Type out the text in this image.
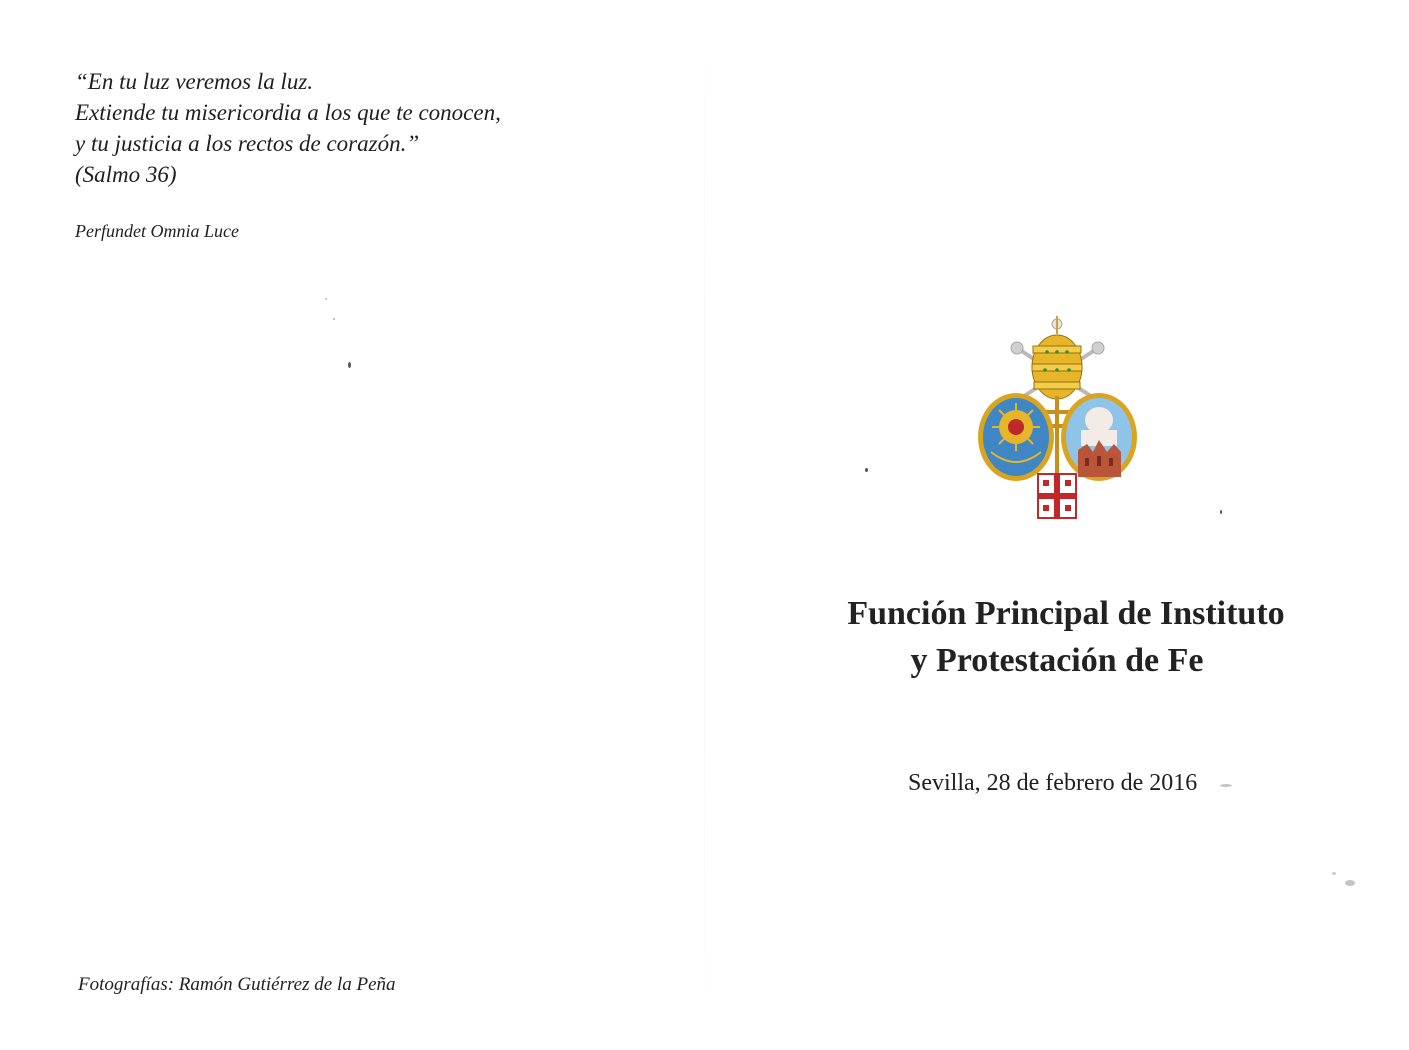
“En tu luz veremos la luz.
Extiende tu misericordia a los que te conocen,
y tu justicia a los rectos de corazón.”
(Salmo 36)
Perfundet Omnia Luce
Fotografías: Ramón Gutiérrez de la Peña
Función Principal de Instituto
y Protestación de Fe
Sevilla, 28 de febrero de 2016
